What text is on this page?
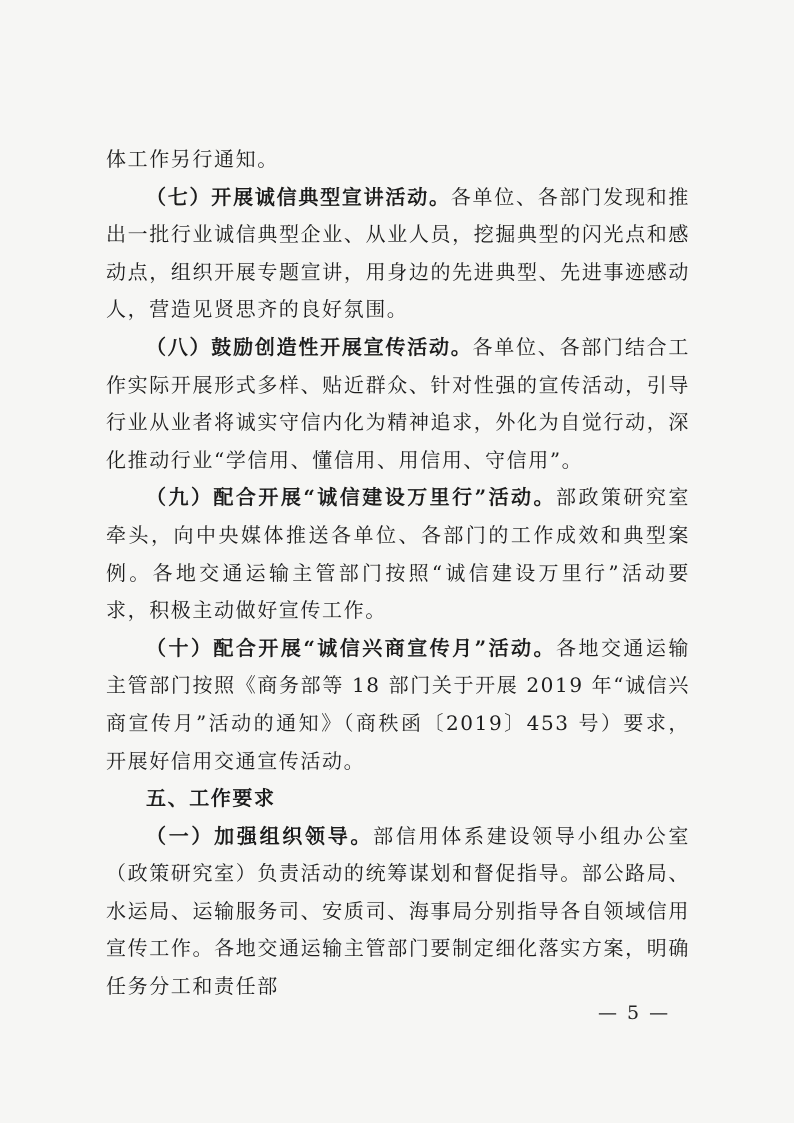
体工作另行通知。

（七）开展诚信典型宣讲活动。各单位、各部门发现和推出一批行业诚信典型企业、从业人员，挖掘典型的闪光点和感动点，组织开展专题宣讲，用身边的先进典型、先进事迹感动人，营造见贤思齐的良好氛围。

（八）鼓励创造性开展宣传活动。各单位、各部门结合工作实际开展形式多样、贴近群众、针对性强的宣传活动，引导行业从业者将诚实守信内化为精神追求，外化为自觉行动，深化推动行业“学信用、懂信用、用信用、守信用”。

（九）配合开展“诚信建设万里行”活动。部政策研究室牵头，向中央媒体推送各单位、各部门的工作成效和典型案例。各地交通运输主管部门按照“诚信建设万里行”活动要求，积极主动做好宣传工作。

（十）配合开展“诚信兴商宣传月”活动。各地交通运输主管部门按照《商务部等 18 部门关于开展 2019 年“诚信兴商宣传月”活动的通知》（商秩函〔2019〕453 号）要求，开展好信用交通宣传活动。

五、工作要求

（一）加强组织领导。部信用体系建设领导小组办公室（政策研究室）负责活动的统筹谋划和督促指导。部公路局、水运局、运输服务司、安质司、海事局分别指导各自领域信用宣传工作。各地交通运输主管部门要制定细化落实方案，明确任务分工和责任部

— 5 —
